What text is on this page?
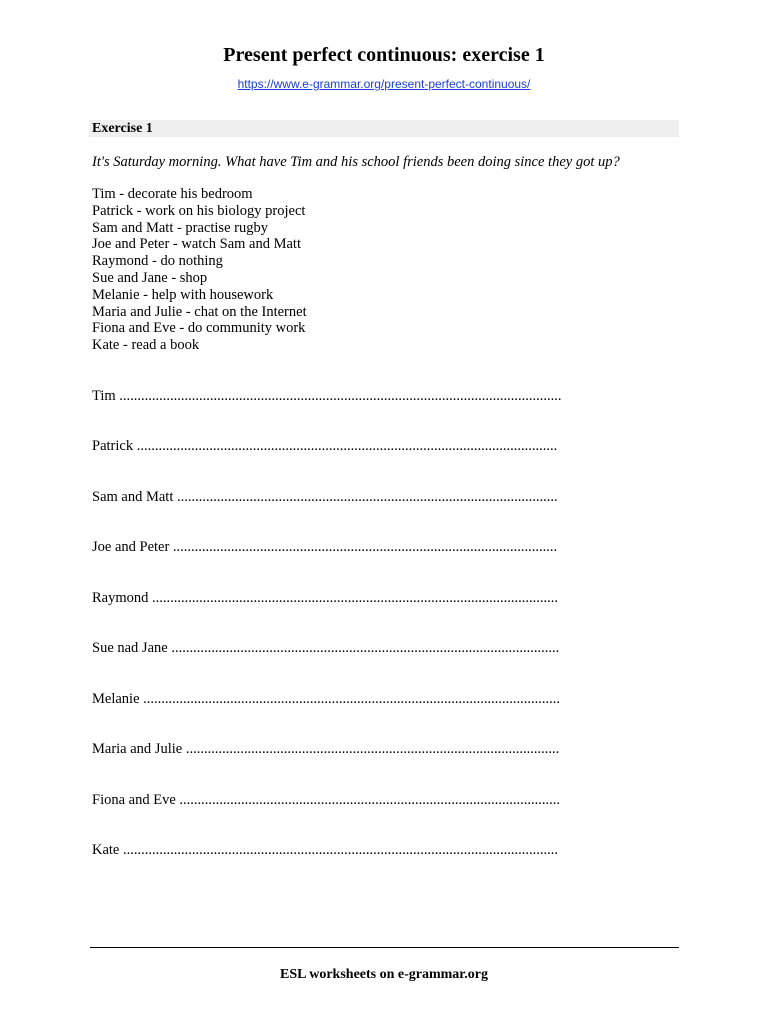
Present perfect continuous: exercise 1
https://www.e-grammar.org/present-perfect-continuous/
Exercise 1
It's Saturday morning. What have Tim and his school friends been doing since they got up?
Tim - decorate his bedroom
Patrick - work on his biology project
Sam and Matt - practise rugby
Joe and Peter - watch Sam and Matt
Raymond - do nothing
Sue and Jane - shop
Melanie - help with housework
Maria and Julie - chat on the Internet
Fiona and Eve - do community work
Kate - read a book
Tim ..........................................................................................................................
Patrick ....................................................................................................................
Sam and Matt .........................................................................................................
Joe and Peter ..........................................................................................................
Raymond ................................................................................................................
Sue nad Jane ...........................................................................................................
Melanie ...................................................................................................................
Maria and Julie .......................................................................................................
Fiona and Eve .........................................................................................................
Kate ........................................................................................................................
ESL worksheets on e-grammar.org
